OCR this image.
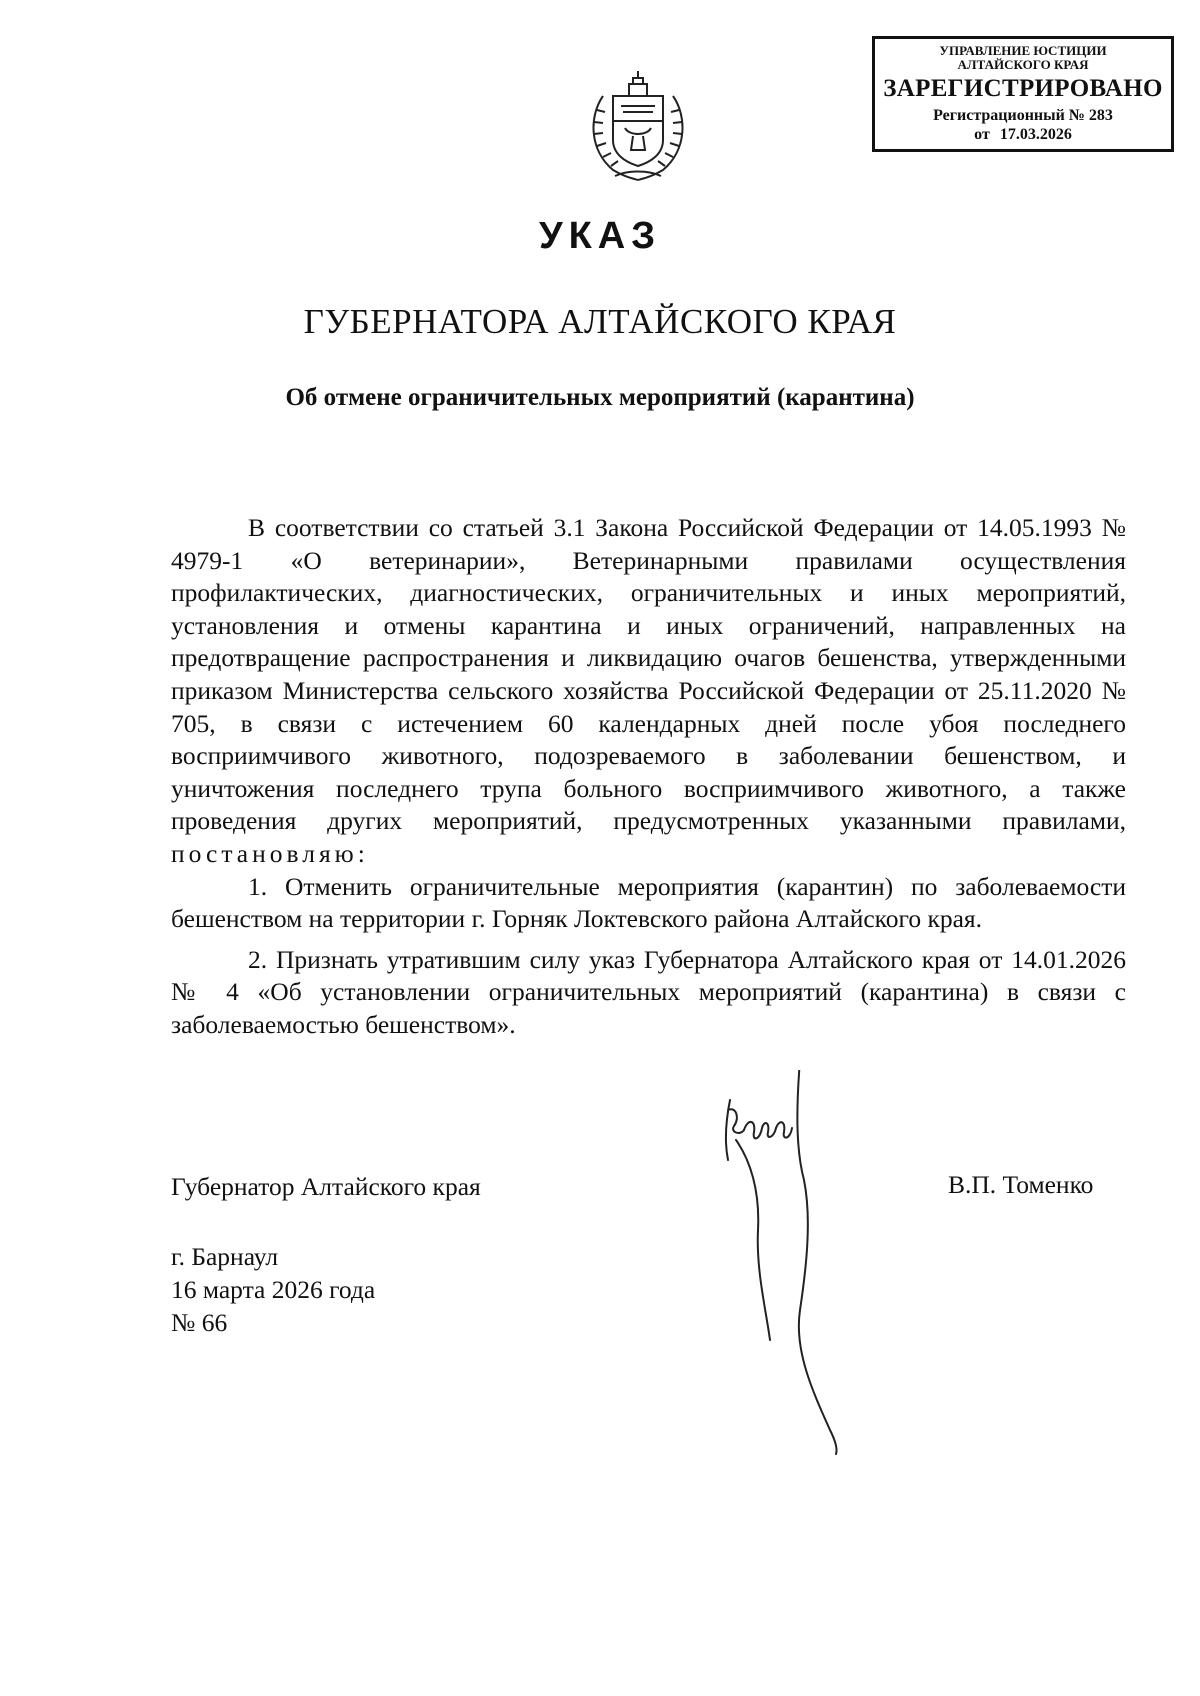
УПРАВЛЕНИЕ ЮСТИЦИИ
АЛТАЙСКОГО КРАЯ
ЗАРЕГИСТРИРОВАНО
Регистрационный № 283
от 17.03.2026
УКАЗ
ГУБЕРНАТОРА АЛТАЙСКОГО КРАЯ
Об отмене ограничительных мероприятий (карантина)

В соответствии со статьей 3.1 Закона Российской Федерации от 14.05.1993 № 4979-1 «О ветеринарии», Ветеринарными правилами осуществления профилактических, диагностических, ограничительных и иных мероприятий, установления и отмены карантина и иных ограничений, направленных на предотвращение распространения и ликвидацию очагов бешенства, утвержденными приказом Министерства сельского хозяйства Российской Федерации от 25.11.2020 № 705, в связи с истечением 60 календарных дней после убоя последнего восприимчивого животного, подозреваемого в заболевании бешенством, и уничтожения последнего трупа больного восприимчивого животного, а также проведения других мероприятий, предусмотренных указанными правилами, постановляю:

1. Отменить ограничительные мероприятия (карантин) по заболеваемости бешенством на территории г. Горняк Локтевского района Алтайского края.

2. Признать утратившим силу указ Губернатора Алтайского края от 14.01.2026 № 4 «Об установлении ограничительных мероприятий (карантина) в связи с заболеваемостью бешенством».

Губернатор Алтайского края	В.П. Томенко
г. Барнаул
16 марта 2026 года
№ 66
